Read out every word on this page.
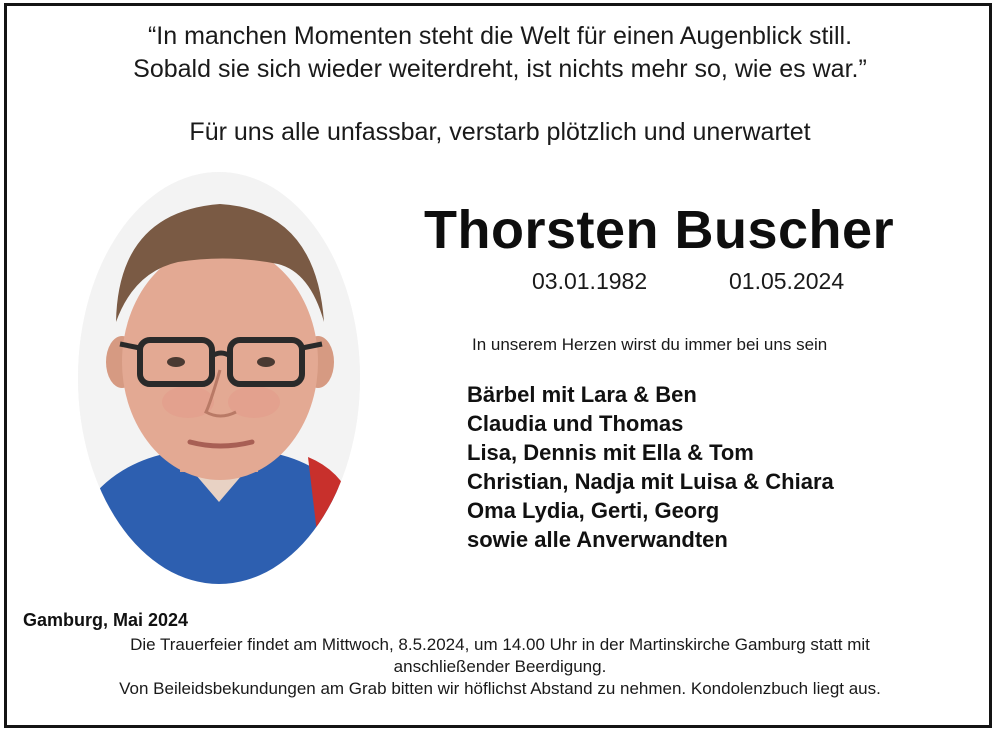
“In manchen Momenten steht die Welt für einen Augenblick still.
Sobald sie sich wieder weiterdreht, ist nichts mehr so, wie es war.”
Für uns alle unfassbar, verstarb plötzlich und unerwartet
Thorsten Buscher
03.01.1982	01.05.2024
In unserem Herzen wirst du immer bei uns sein
Bärbel mit Lara & Ben
Claudia und Thomas
Lisa, Dennis mit Ella & Tom
Christian, Nadja mit Luisa & Chiara
Oma Lydia, Gerti, Georg
sowie alle Anverwandten
Gamburg, Mai 2024
Die Trauerfeier findet am Mittwoch, 8.5.2024, um 14.00 Uhr in der Martinskirche Gamburg statt mit
anschließender Beerdigung.
Von Beileidsbekundungen am Grab bitten wir höflichst Abstand zu nehmen. Kondolenzbuch liegt aus.
